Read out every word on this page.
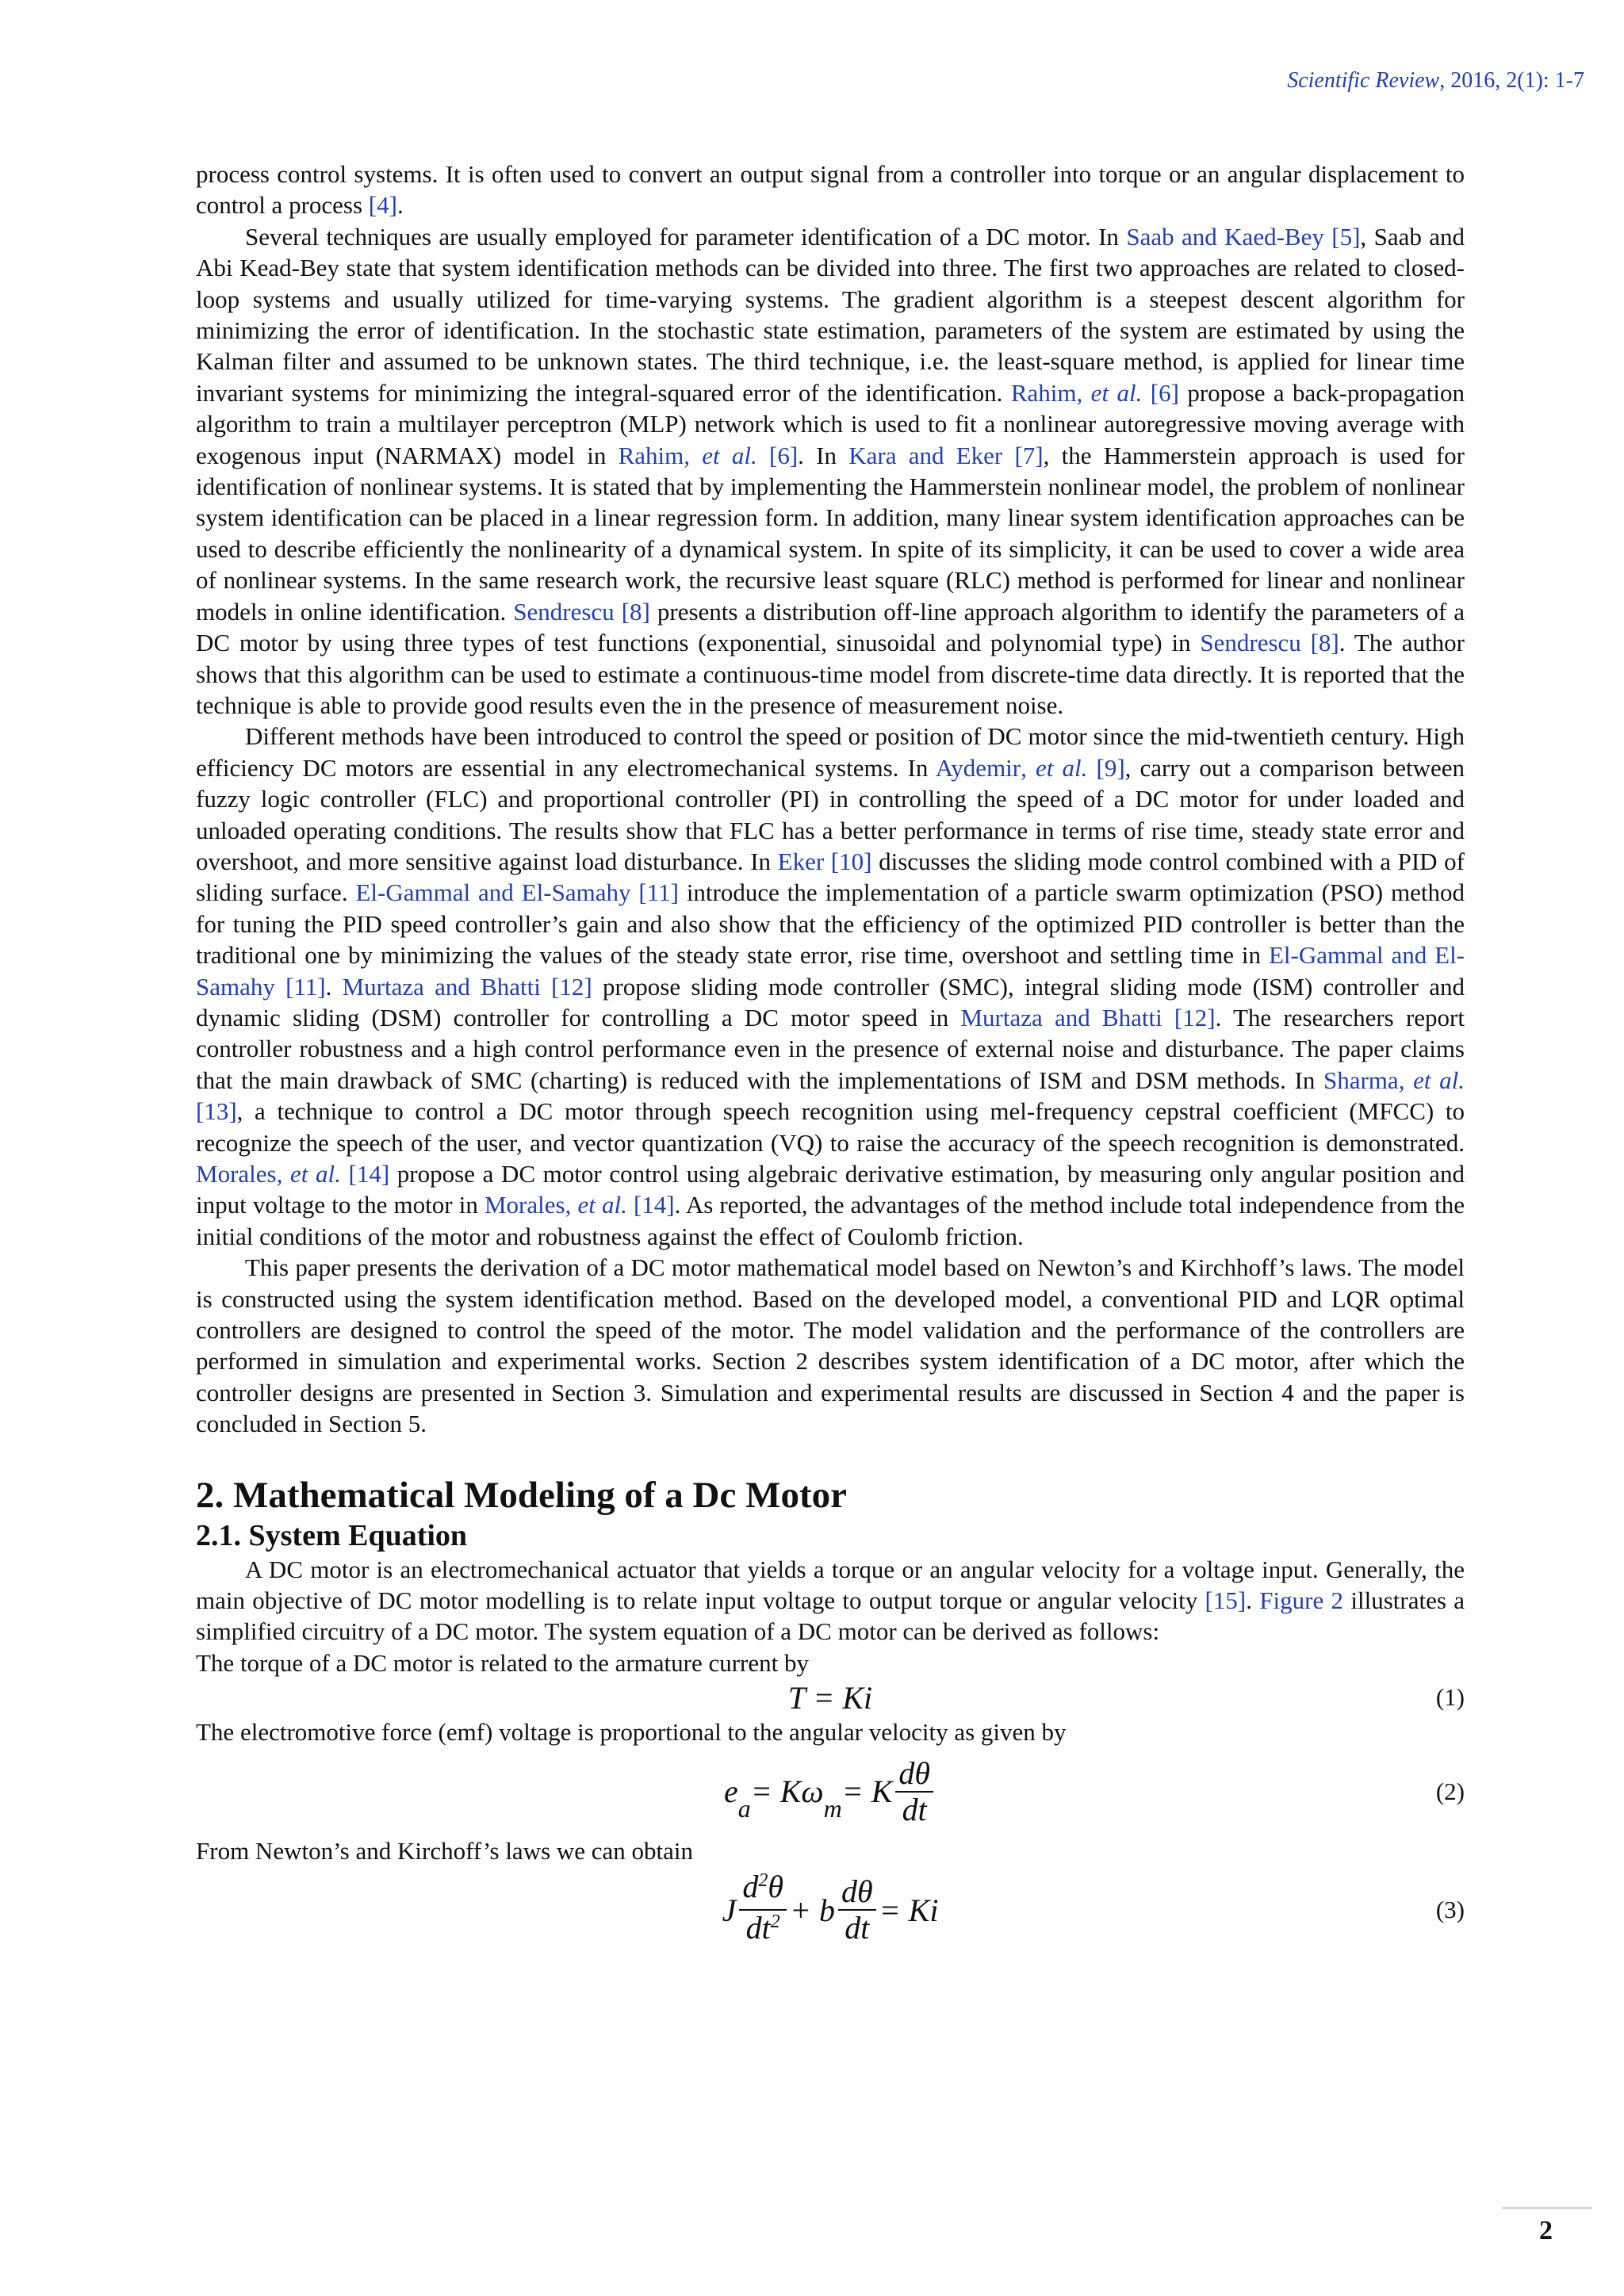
Scientific Review, 2016, 2(1): 1-7

process control systems. It is often used to convert an output signal from a controller into torque or an angular displacement to control a process [4].

Several techniques are usually employed for parameter identification of a DC motor. In Saab and Kaed-Bey [5], Saab and Abi Kead-Bey state that system identification methods can be divided into three. The first two approaches are related to closed-loop systems and usually utilized for time-varying systems. The gradient algorithm is a steepest descent algorithm for minimizing the error of identification. In the stochastic state estimation, parameters of the system are estimated by using the Kalman filter and assumed to be unknown states. The third technique, i.e. the least-square method, is applied for linear time invariant systems for minimizing the integral-squared error of the identification. Rahim, et al. [6] propose a back-propagation algorithm to train a multilayer perceptron (MLP) network which is used to fit a nonlinear autoregressive moving average with exogenous input (NARMAX) model in Rahim, et al. [6]. In Kara and Eker [7], the Hammerstein approach is used for identification of nonlinear systems. It is stated that by implementing the Hammerstein nonlinear model, the problem of nonlinear system identification can be placed in a linear regression form. In addition, many linear system identification approaches can be used to describe efficiently the nonlinearity of a dynamical system. In spite of its simplicity, it can be used to cover a wide area of nonlinear systems. In the same research work, the recursive least square (RLC) method is performed for linear and nonlinear models in online identification. Sendrescu [8] presents a distribution off-line approach algorithm to identify the parameters of a DC motor by using three types of test functions (exponential, sinusoidal and polynomial type) in Sendrescu [8]. The author shows that this algorithm can be used to estimate a continuous-time model from discrete-time data directly. It is reported that the technique is able to provide good results even the in the presence of measurement noise.

Different methods have been introduced to control the speed or position of DC motor since the mid-twentieth century. High efficiency DC motors are essential in any electromechanical systems. In Aydemir, et al. [9], carry out a comparison between fuzzy logic controller (FLC) and proportional controller (PI) in controlling the speed of a DC motor for under loaded and unloaded operating conditions. The results show that FLC has a better performance in terms of rise time, steady state error and overshoot, and more sensitive against load disturbance. In Eker [10] discusses the sliding mode control combined with a PID of sliding surface. El-Gammal and El-Samahy [11] introduce the implementation of a particle swarm optimization (PSO) method for tuning the PID speed controller’s gain and also show that the efficiency of the optimized PID controller is better than the traditional one by minimizing the values of the steady state error, rise time, overshoot and settling time in El-Gammal and El-Samahy [11]. Murtaza and Bhatti [12] propose sliding mode controller (SMC), integral sliding mode (ISM) controller and dynamic sliding (DSM) controller for controlling a DC motor speed in Murtaza and Bhatti [12]. The researchers report controller robustness and a high control performance even in the presence of external noise and disturbance. The paper claims that the main drawback of SMC (charting) is reduced with the implementations of ISM and DSM methods. In Sharma, et al. [13], a technique to control a DC motor through speech recognition using mel-frequency cepstral coefficient (MFCC) to recognize the speech of the user, and vector quantization (VQ) to raise the accuracy of the speech recognition is demonstrated. Morales, et al. [14] propose a DC motor control using algebraic derivative estimation, by measuring only angular position and input voltage to the motor in Morales, et al. [14]. As reported, the advantages of the method include total independence from the initial conditions of the motor and robustness against the effect of Coulomb friction.

This paper presents the derivation of a DC motor mathematical model based on Newton’s and Kirchhoff’s laws. The model is constructed using the system identification method. Based on the developed model, a conventional PID and LQR optimal controllers are designed to control the speed of the motor. The model validation and the performance of the controllers are performed in simulation and experimental works. Section 2 describes system identification of a DC motor, after which the controller designs are presented in Section 3. Simulation and experimental results are discussed in Section 4 and the paper is concluded in Section 5.

2. Mathematical Modeling of a Dc Motor
2.1. System Equation

A DC motor is an electromechanical actuator that yields a torque or an angular velocity for a voltage input. Generally, the main objective of DC motor modelling is to relate input voltage to output torque or angular velocity [15]. Figure 2 illustrates a simplified circuitry of a DC motor. The system equation of a DC motor can be derived as follows:

The torque of a DC motor is related to the armature current by

T = Ki	(1)

The electromotive force (emf) voltage is proportional to the angular velocity as given by

e a = Kω m = K $\frac{d\theta}{dt}$	(2)

From Newton’s and Kirchoff’s laws we can obtain

J $\frac{d^2\theta}{dt^2} + b \frac{d\theta}{dt} = Ki$	(3)
2
